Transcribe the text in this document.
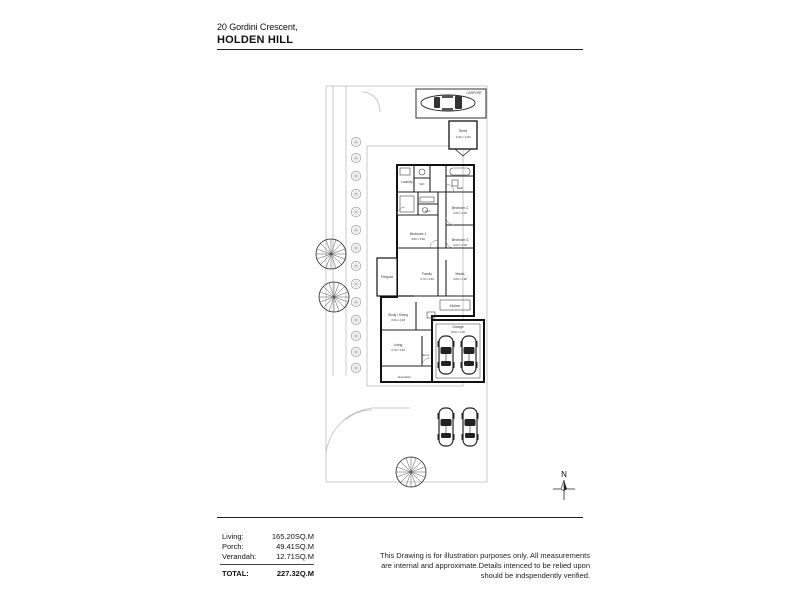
20 Gordini Crescent,
HOLDEN HILL
CARPORT
Shed
3.00 x 3.00
Laundry WC
Bath
Ens
Bedroom 2
3.00 x 3.00
Bedroom 1
3.80 x 3.80	Bedroom 3
3.00 x 3.00
Pergola
Family
3.70 x 3.60
Meals
3.80 x 2.90
Kitchen
Study / Dining
3.90 x 2.90
Living
3.70 x 3.40
Entry
Verandah
Garage
6.00 x 6.00
N
Living:	165.20SQ.M
Porch:	49.41SQ.M
Verandah:	12.71SQ.M
TOTAL:	227.32Q.M
This Drawing is for illustration purposes only. All measurements are internal and approximate.Details intenced to be relied upon should be indspendently verified.
